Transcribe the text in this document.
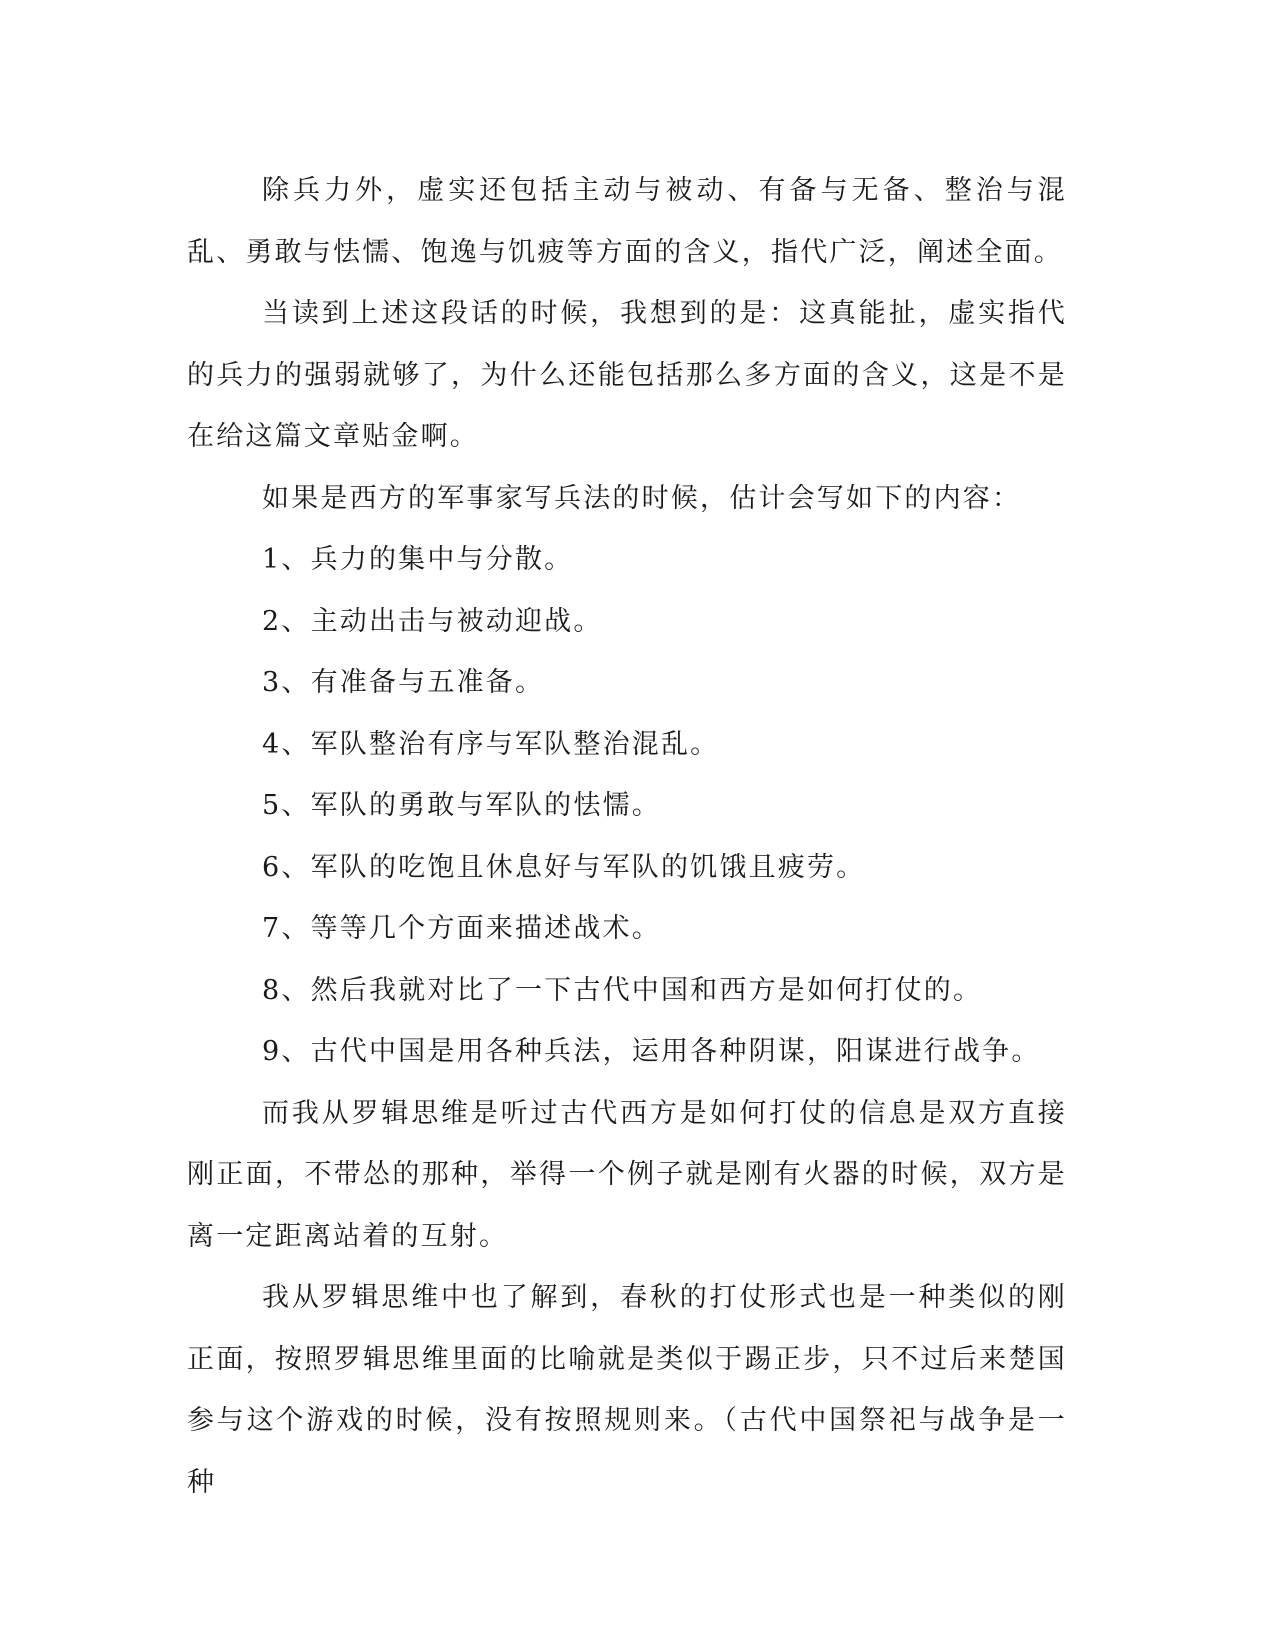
除兵力外，虚实还包括主动与被动、有备与无备、整治与混乱、勇敢与怯懦、饱逸与饥疲等方面的含义，指代广泛，阐述全面。

当读到上述这段话的时候，我想到的是：这真能扯，虚实指代的兵力的强弱就够了，为什么还能包括那么多方面的含义，这是不是在给这篇文章贴金啊。

如果是西方的军事家写兵法的时候，估计会写如下的内容：

1、兵力的集中与分散。

2、主动出击与被动迎战。

3、有准备与五准备。

4、军队整治有序与军队整治混乱。

5、军队的勇敢与军队的怯懦。

6、军队的吃饱且休息好与军队的饥饿且疲劳。

7、等等几个方面来描述战术。

8、然后我就对比了一下古代中国和西方是如何打仗的。

9、古代中国是用各种兵法，运用各种阴谋，阳谋进行战争。

而我从罗辑思维是听过古代西方是如何打仗的信息是双方直接刚正面，不带怂的那种，举得一个例子就是刚有火器的时候，双方是离一定距离站着的互射。

我从罗辑思维中也了解到，春秋的打仗形式也是一种类似的刚正面，按照罗辑思维里面的比喻就是类似于踢正步，只不过后来楚国参与这个游戏的时候，没有按照规则来。（古代中国祭祀与战争是一种
